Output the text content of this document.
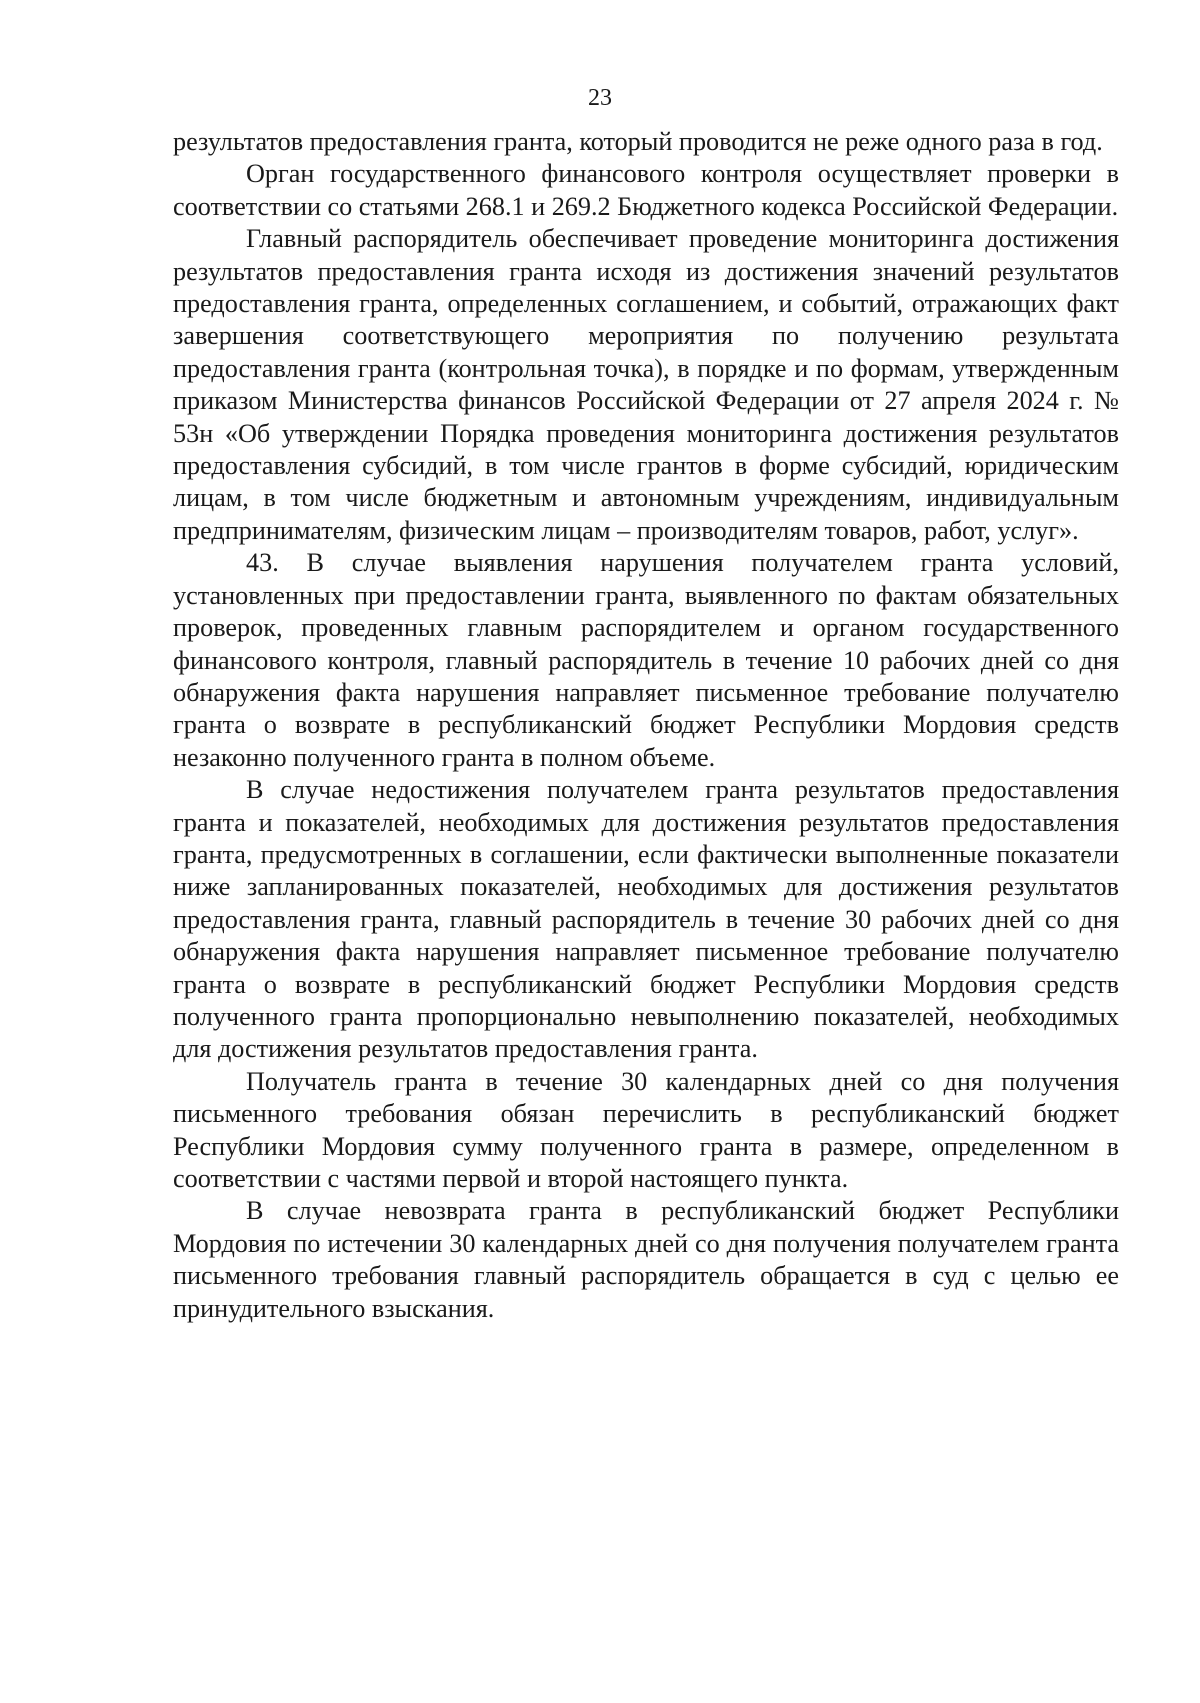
23

результатов предоставления гранта, который проводится не реже одного раза в год.

Орган государственного финансового контроля осуществляет проверки в соответствии со статьями 268.1 и 269.2 Бюджетного кодекса Российской Федерации.

Главный распорядитель обеспечивает проведение мониторинга достижения результатов предоставления гранта исходя из достижения значений результатов предоставления гранта, определенных соглашением, и событий, отражающих факт завершения соответствующего мероприятия по получению результата предоставления гранта (контрольная точка), в порядке и по формам, утвержденным приказом Министерства финансов Российской Федерации от 27 апреля 2024 г. № 53н «Об утверждении Порядка проведения мониторинга достижения результатов предоставления субсидий, в том числе грантов в форме субсидий, юридическим лицам, в том числе бюджетным и автономным учреждениям, индивидуальным предпринимателям, физическим лицам – производителям товаров, работ, услуг».

43. В случае выявления нарушения получателем гранта условий, установленных при предоставлении гранта, выявленного по фактам обязательных проверок, проведенных главным распорядителем и органом государственного финансового контроля, главный распорядитель в течение 10 рабочих дней со дня обнаружения факта нарушения направляет письменное требование получателю гранта о возврате в республиканский бюджет Республики Мордовия средств незаконно полученного гранта в полном объеме.

В случае недостижения получателем гранта результатов предоставления гранта и показателей, необходимых для достижения результатов предоставления гранта, предусмотренных в соглашении, если фактически выполненные показатели ниже запланированных показателей, необходимых для достижения результатов предоставления гранта, главный распорядитель в течение 30 рабочих дней со дня обнаружения факта нарушения направляет письменное требование получателю гранта о возврате в республиканский бюджет Республики Мордовия средств полученного гранта пропорционально невыполнению показателей, необходимых для достижения результатов предоставления гранта.

Получатель гранта в течение 30 календарных дней со дня получения письменного требования обязан перечислить в республиканский бюджет Республики Мордовия сумму полученного гранта в размере, определенном в соответствии с частями первой и второй настоящего пункта.

В случае невозврата гранта в республиканский бюджет Республики Мордовия по истечении 30 календарных дней со дня получения получателем гранта письменного требования главный распорядитель обращается в суд с целью ее принудительного взыскания.
